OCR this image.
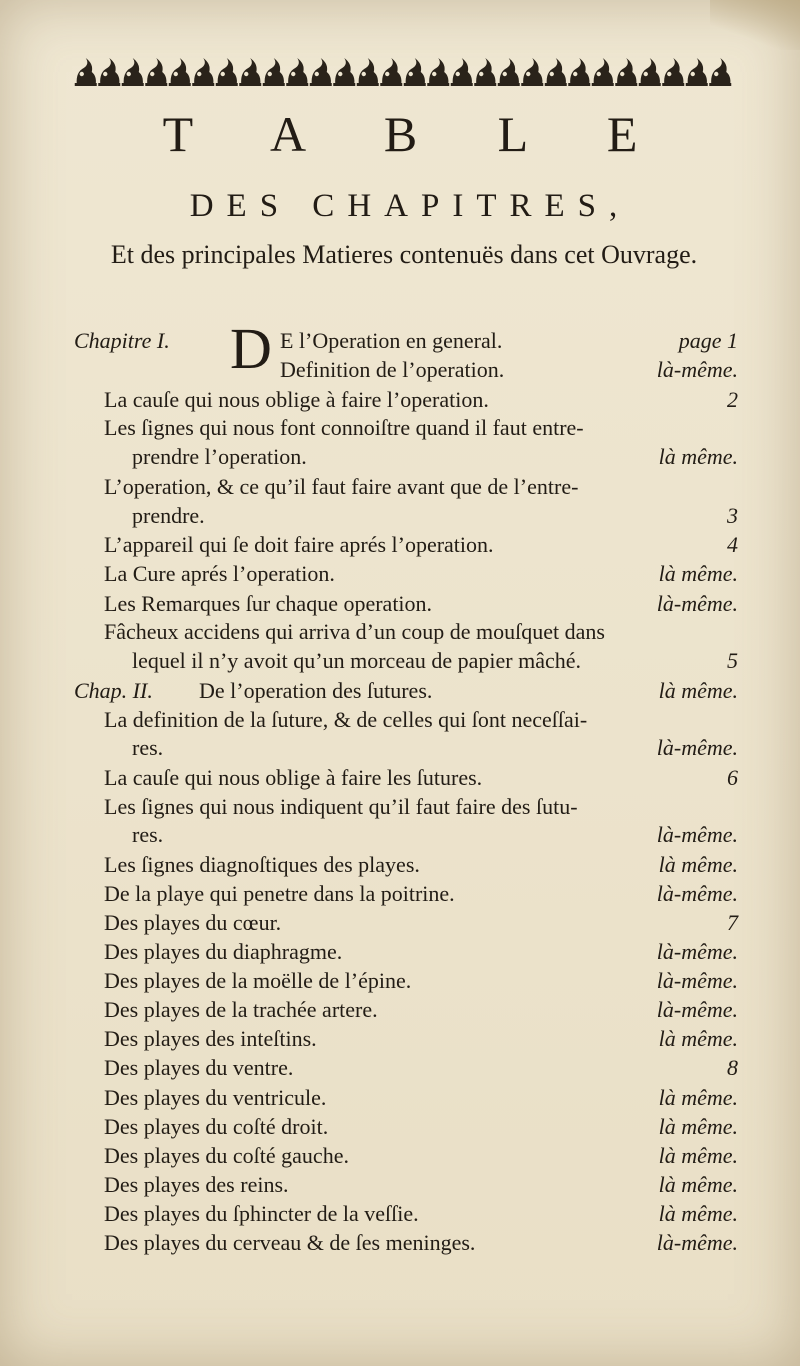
T A B L E
DES CHAPITRES,
Et des principales Matieres contenuës dans cet Ouvrage.
Chapitre I. D E l’Operation en general.	page 1
Definition de l’operation.	là-même.
La cauſe qui nous oblige à faire l’operation.	2
Les ſignes qui nous font connoiſtre quand il faut entre-
prendre l’operation.	là même.
L’operation, & ce qu’il faut faire avant que de l’entre-
prendre.	3
L’appareil qui ſe doit faire aprés l’operation.	4
La Cure aprés l’operation.	là même.
Les Remarques ſur chaque operation.	là-même.
Fâcheux accidens qui arriva d’un coup de mouſquet dans
lequel il n’y avoit qu’un morceau de papier mâché.	5
Chap. II. De l’operation des ſutures.	là même.
La definition de la ſuture, & de celles qui ſont neceſſai-
res.	là-même.
La cauſe qui nous oblige à faire les ſutures.	6
Les ſignes qui nous indiquent qu’il faut faire des ſutu-
res.	là-même.
Les ſignes diagnoſtiques des playes.	là même.
De la playe qui penetre dans la poitrine.	là-même.
Des playes du cœur.	7
Des playes du diaphragme.	là-même.
Des playes de la moëlle de l’épine.	là-même.
Des playes de la trachée artere.	là-même.
Des playes des inteſtins.	là même.
Des playes du ventre.	8
Des playes du ventricule.	là même.
Des playes du coſté droit.	là même.
Des playes du coſté gauche.	là même.
Des playes des reins.	là même.
Des playes du ſphincter de la veſſie.	là même.
Des playes du cerveau & de ſes meninges.	là-même.
